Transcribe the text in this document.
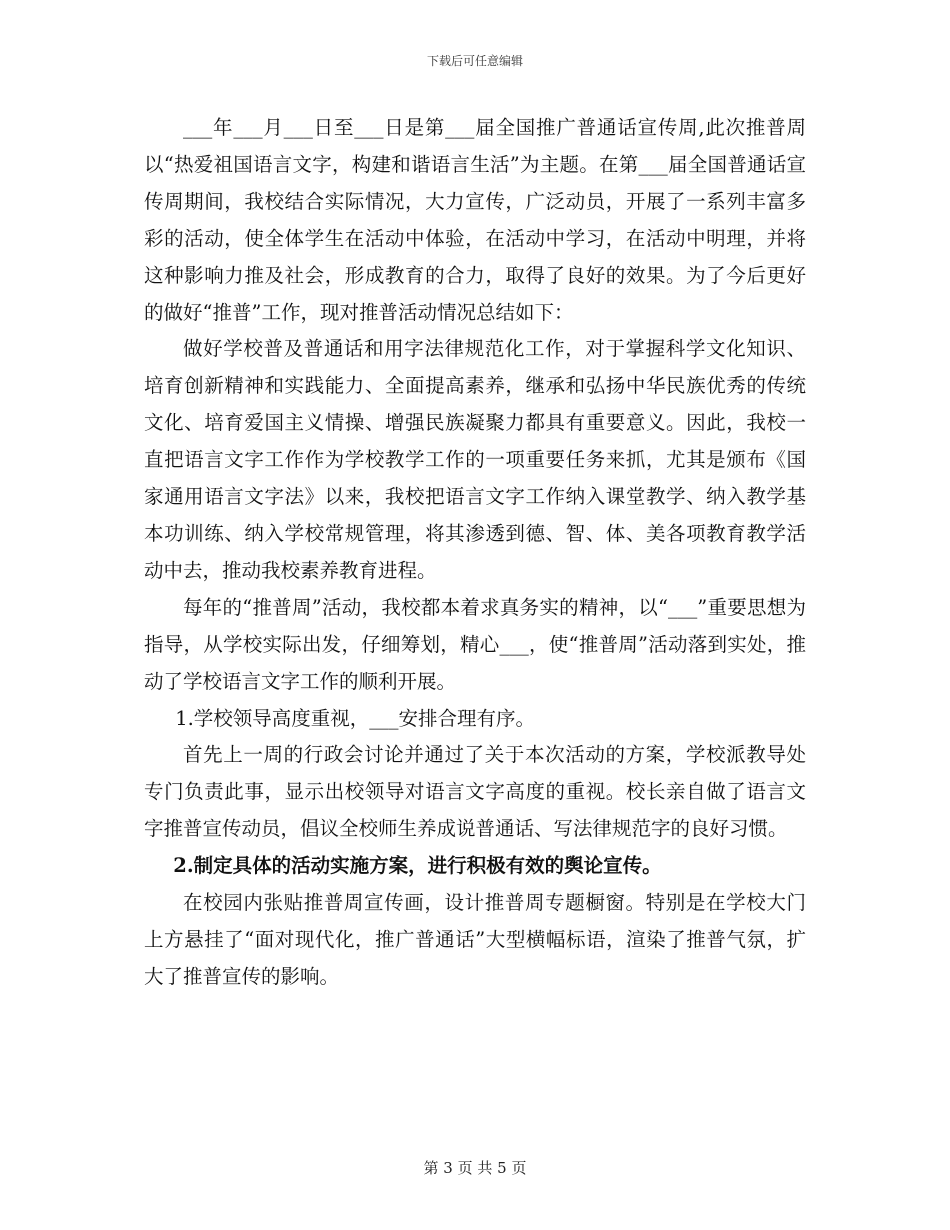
下载后可任意编辑

___年___月___日至___日是第___届全国推广普通话宣传周,此次推普周以“热爱祖国语言文字，构建和谐语言生活”为主题。在第___届全国普通话宣传周期间，我校结合实际情况，大力宣传，广泛动员，开展了一系列丰富多彩的活动，使全体学生在活动中体验，在活动中学习，在活动中明理，并将这种影响力推及社会，形成教育的合力，取得了良好的效果。为了今后更好的做好“推普”工作，现对推普活动情况总结如下：

做好学校普及普通话和用字法律规范化工作，对于掌握科学文化知识、培育创新精神和实践能力、全面提高素养，继承和弘扬中华民族优秀的传统文化、培育爱国主义情操、增强民族凝聚力都具有重要意义。因此，我校一直把语言文字工作作为学校教学工作的一项重要任务来抓，尤其是颁布《国家通用语言文字法》以来，我校把语言文字工作纳入课堂教学、纳入教学基本功训练、纳入学校常规管理，将其渗透到德、智、体、美各项教育教学活动中去，推动我校素养教育进程。

每年的“推普周”活动，我校都本着求真务实的精神，以“___”重要思想为指导，从学校实际出发，仔细筹划，精心___，使“推普周”活动落到实处，推动了学校语言文字工作的顺利开展。

1.学校领导高度重视，___安排合理有序。

首先上一周的行政会讨论并通过了关于本次活动的方案，学校派教导处专门负责此事，显示出校领导对语言文字高度的重视。校长亲自做了语言文字推普宣传动员，倡议全校师生养成说普通话、写法律规范字的良好习惯。

2.制定具体的活动实施方案，进行积极有效的舆论宣传。

在校园内张贴推普周宣传画，设计推普周专题橱窗。特别是在学校大门上方悬挂了“面对现代化，推广普通话”大型横幅标语，渲染了推普气氛，扩大了推普宣传的影响。

第 3 页 共 5 页
